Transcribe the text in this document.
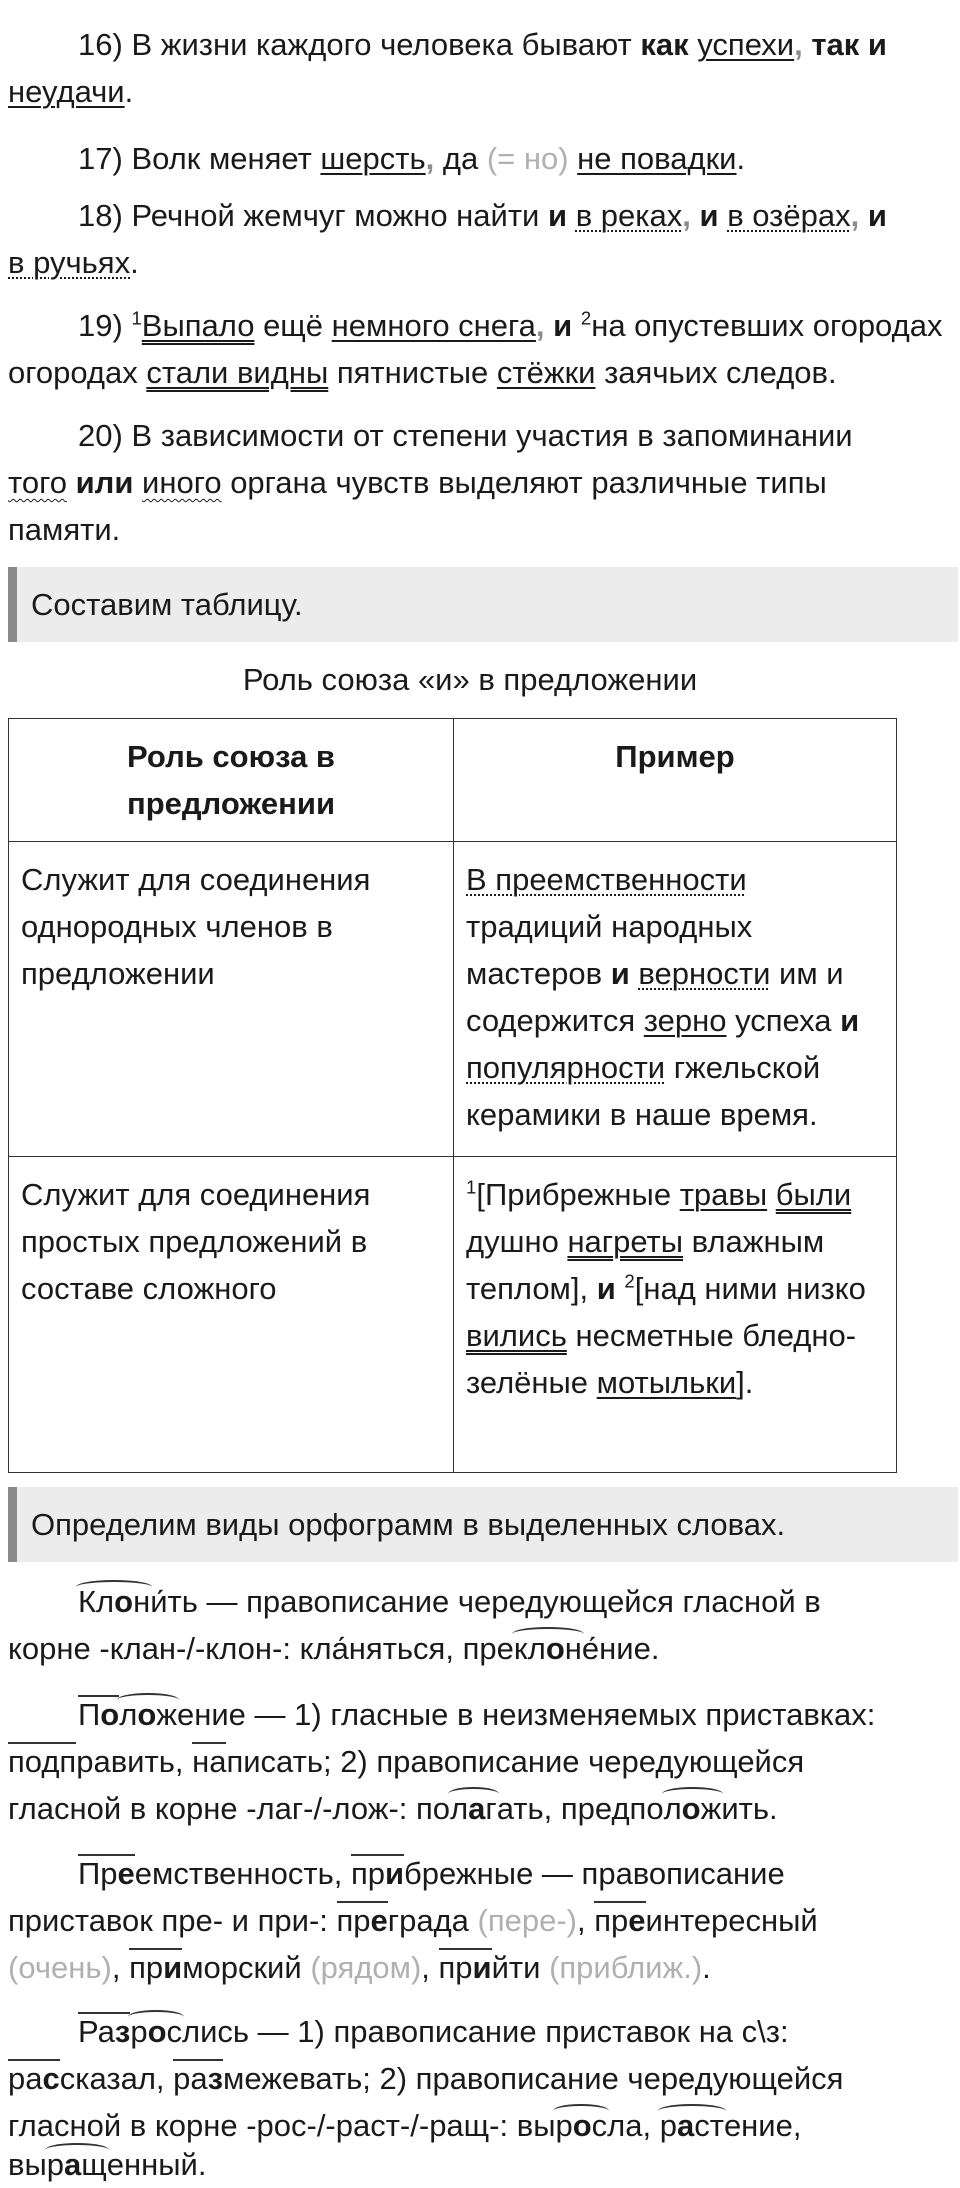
16) В жизни каждого человека бывают как успехи, так и
неудачи.
17) Волк меняет шерсть, да (= но) не повадки.
18) Речной жемчуг можно найти и в реках, и в озёрах, и
в ручьях.
19) $^1$Выпало ещё немного снега, и $^2$на опустевших огородах
огородах стали видны пятнистые стёжки заячьих следов.
20) В зависимости от степени участия в запоминании
того или иного органа чувств выделяют различные типы
памяти.
Составим таблицу.
Роль союза «и» в предложении
Роль союза в предложении	Пример
Служит для соединения однородных членов в предложении	В преемственности традиций народных мастеров и верности им и содержится зерно успеха и популярности гжельской керамики в наше время.
Служит для соединения простых предложений в составе сложного	$^1$[Прибрежные травы были душно нагреты влажным теплом], и $^2$[над ними низко вились несметные бледно-зелёные мотыльки].
Определим виды орфограмм в выделенных словах.
Клони́ть — правописание чередующейся гласной в
корне -клан-/-клон-: кла́няться, преклоне́ние.
Положение — 1) гласные в неизменяемых приставках:
подправить, написать; 2) правописание чередующейся
гласной в корне -лаг-/-лож-: полагать, предположить.
Преемственность, прибрежные — правописание
приставок пре- и при-: преграда (пере-), преинтересный
(очень), приморский (рядом), прийти (приближ.).
Разрослись — 1) правописание приставок на с\з:
рассказал, размежевать; 2) правописание чередующейся
гласной в корне -рос-/-раст-/-ращ-: выросла, растение,
выращенный.
